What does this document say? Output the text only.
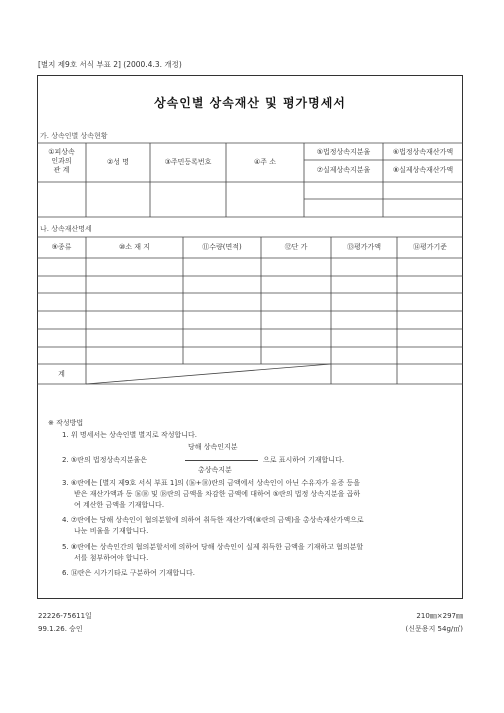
[별지 제9호 서식 부표 2] (2000.4.3. 개정)
상속인별 상속재산 및 평가명세서
가. 상속인별 상속현황
①피상속
인과의
관 계
②성 명	③주민등록번호	④주 소
⑤법정상속지분율	⑥법정상속재산가액
⑦실제상속지분율	⑧실제상속재산가액
나. 상속재산명세
⑨종류	⑩소 재 지	⑪수량(면적)	⑫단 가	⑬평가가액	⑭평가기준
계
※ 작성방법
1. 위 명세서는 상속인별 별지로 작성합니다.
당해 상속인지분
2. ⑤란의 법정상속지분율은	으로 표시하여 기재합니다.
총상속지분
3. ⑥란에는 [별지 제9호 서식 부표 1]의 (⑯+⑱)란의 금액에서 상속인이 아닌 수유자가 유증 등을
받은 재산가액과 동 ⑯⑱ 및 ⑱란의 금액을 차감한 금액에 대하여 ⑤란의 법정 상속지분을 곱하
여 계산한 금액을 기재합니다.
4. ⑦란에는 당해 상속인이 협의분할에 의하여 취득한 재산가액(⑧란의 금액)을 총상속재산가액으로
나눈 비율을 기재합니다.
5. ⑧란에는 상속인간의 협의분할서에 의하여 당해 상속인이 실제 취득한 금액을 기재하고 협의분할
서를 첨부하여야 합니다.
6. ⑭란은 시가기타로 구분하여 기재합니다.
22226-75611일
99.1.26. 승인
210㎜×297㎜
(신문용지 54g/㎡)
